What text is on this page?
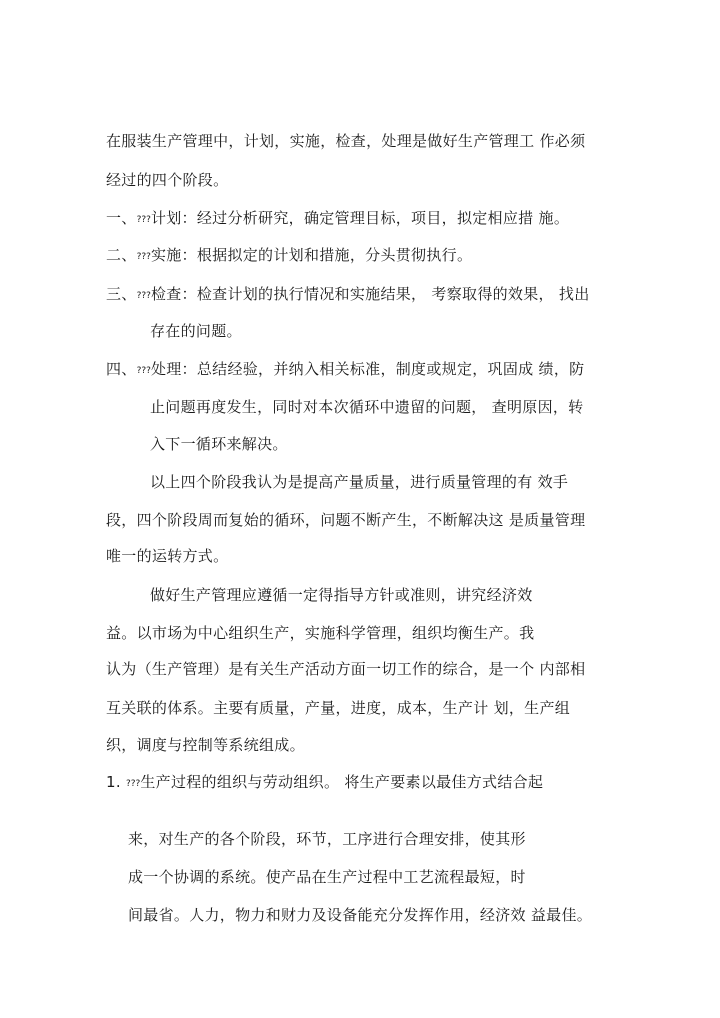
在服装生产管理中，计划，实施，检查，处理是做好生产管理工 作必须
经过的四个阶段。
一、???计划：经过分析研究，确定管理目标，项目，拟定相应措 施。
二、???实施：根据拟定的计划和措施，分头贯彻执行。
三、???检查：检查计划的执行情况和实施结果， 考察取得的效果， 找出
存在的问题。
四、???处理：总结经验，并纳入相关标准，制度或规定，巩固成 绩，防
止问题再度发生，同时对本次循环中遗留的问题， 查明原因，转
入下一循环来解决。
以上四个阶段我认为是提高产量质量，进行质量管理的有 效手
段，四个阶段周而复始的循环，问题不断产生，不断解决这 是质量管理
唯一的运转方式。
做好生产管理应遵循一定得指导方针或准则，讲究经济效
益。以市场为中心组织生产，实施科学管理，组织均衡生产。我
认为（生产管理）是有关生产活动方面一切工作的综合，是一个 内部相
互关联的体系。主要有质量，产量，进度，成本，生产计 划，生产组
织，调度与控制等系统组成。
1. ???生产过程的组织与劳动组织。 将生产要素以最佳方式结合起
来，对生产的各个阶段，环节，工序进行合理安排，使其形
成一个协调的系统。使产品在生产过程中工艺流程最短，时
间最省。人力，物力和财力及设备能充分发挥作用，经济效 益最佳。
